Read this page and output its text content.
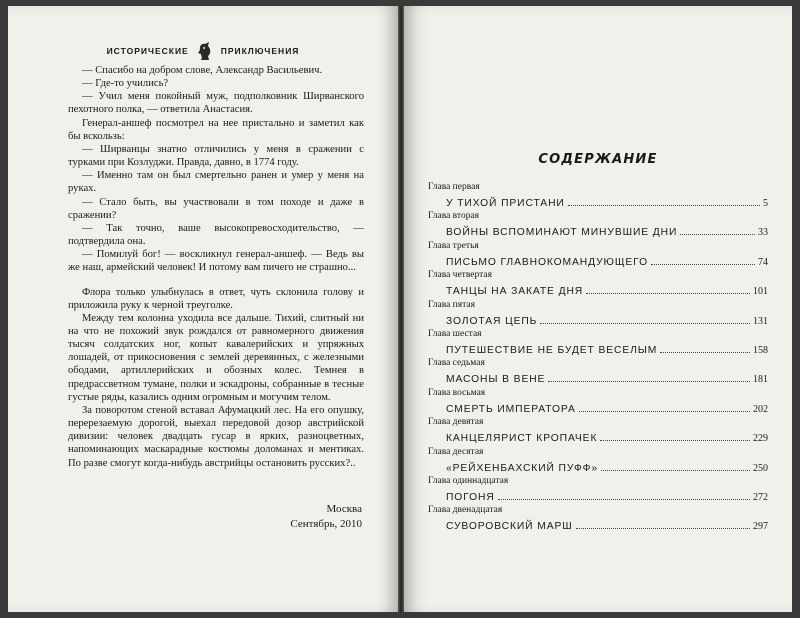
ИСТОРИЧЕСКИЕ	ПРИКЛЮЧЕНИЯ

— Спасибо на добром слове, Александр Васильевич.

— Где-то учились?

— Учил меня покойный муж, подполковник Ширванского пехотного полка, — ответила Анастасия.

Генерал-аншеф посмотрел на нее пристально и заметил как бы вскользь:

— Ширванцы знатно отличились у меня в сражении с турками при Козлуджи. Правда, давно, в 1774 году.

— Именно там он был смертельно ранен и умер у меня на руках.

— Стало быть, вы участвовали в том походе и даже в сражении?

— Так точно, ваше высокопревосходительство, — подтвердила она.

— Помилуй бог! — воскликнул генерал-аншеф. — Ведь вы же наш, армейский человек! И потому вам пичего не страшно...

Флора только улыбнулась в ответ, чуть склонила голову и приложила руку к черной треуголке.

Между тем колонна уходила все дальше. Тихий, слитный ни на что не похожий звук рождался от равномерного движения тысяч солдатских ног, копыт кавалерийских и упряжных лошадей, от прикосновения с землей деревянных, с железными ободами, артиллерийских и обозных колес. Темнея в предрассветном тумане, полки и эскадроны, собранные в тесные густые ряды, казались одним огромным и могучим телом.

За поворотом стеной вставал Афумацкий лес. На его опушку, перерезаемую дорогой, выехал передовой дозор австрийской дивизии: человек двадцать гусар в ярких, разноцветных, напоминающих маскарадные костюмы доломанах и ментиках. По разве смогут когда-нибудь австрийцы остановить русских?..

Москва
Сентябрь, 2010
СОДЕРЖАНИЕ
Глава первая
У ТИХОЙ ПРИСТАНИ	5
Глава вторая
ВОЙНЫ ВСПОМИНАЮТ МИНУВШИЕ ДНИ	33
Глава третья
ПИСЬМО ГЛАВНОКОМАНДУЮЩЕГО	74
Глава четвертая
ТАНЦЫ НА ЗАКАТЕ ДНЯ	101
Глава пятая
ЗОЛОТАЯ ЦЕПЬ	131
Глава шестая
ПУТЕШЕСТВИЕ НЕ БУДЕТ ВЕСЕЛЫМ	158
Глава седьмая
МАСОНЫ В ВЕНЕ	181
Глава восьмая
СМЕРТЬ ИМПЕРАТОРА	202
Глава девятая
КАНЦЕЛЯРИСТ КРОПАЧЕК	229
Глава десятая
«РЕЙХЕНБАХСКИЙ ПУФФ»	250
Глава одиннадцатая
ПОГОНЯ	272
Глава двенадцатая
СУВОРОВСКИЙ МАРШ	297
